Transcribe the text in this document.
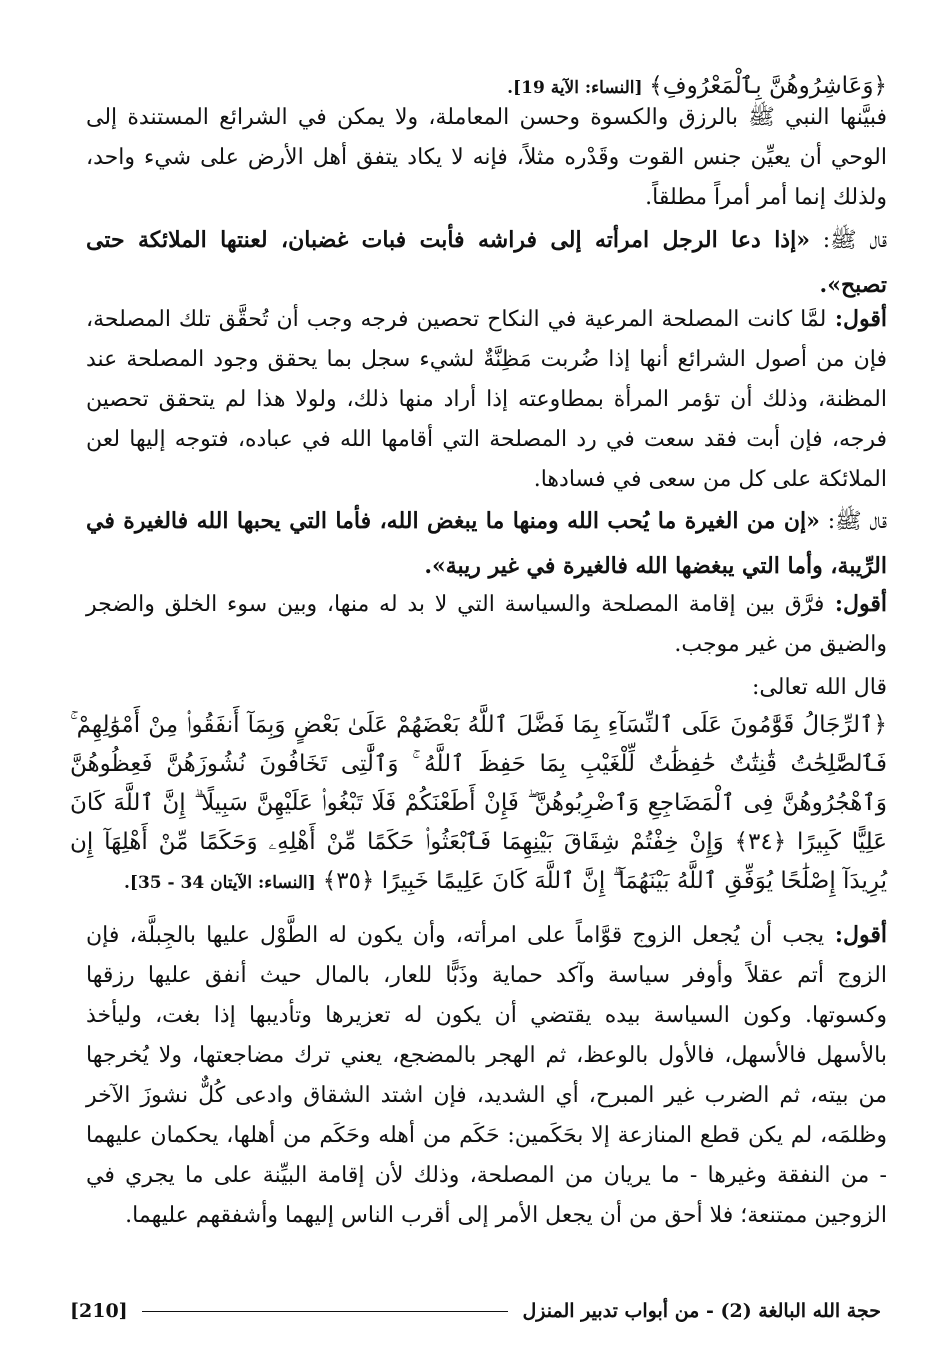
﴿وَعَاشِرُوهُنَّ بِٱلْمَعْرُوفِ﴾ [النساء: الآية 19].
فبيَّنها النبي ﷺ بالرزق والكسوة وحسن المعاملة، ولا يمكن في الشرائع المستندة إلى الوحي أن يعيِّن جنس القوت وقَدْره مثلاً، فإنه لا يكاد يتفق أهل الأرض على شيء واحد، ولذلك إنما أمر أمراً مطلقاً.
قال ﷺ: «إذا دعا الرجل امرأته إلى فراشه فأبت فبات غضبان، لعنتها الملائكة حتى تصبح».
أقول: لمَّا كانت المصلحة المرعية في النكاح تحصين فرجه وجب أن تُحقَّق تلك المصلحة، فإن من أصول الشرائع أنها إذا ضُربت مَظِنَّةٌ لشيء سجل بما يحقق وجود المصلحة عند المظنة، وذلك أن تؤمر المرأة بمطاوعته إذا أراد منها ذلك، ولولا هذا لم يتحقق تحصين فرجه، فإن أبت فقد سعت في رد المصلحة التي أقامها الله في عباده، فتوجه إليها لعن الملائكة على كل من سعى في فسادها.
قال ﷺ: «إن من الغيرة ما يُحب الله ومنها ما يبغض الله، فأما التي يحبها الله فالغيرة في الرِّيبة، وأما التي يبغضها الله فالغيرة في غير ريبة».
أقول: فرَّق بين إقامة المصلحة والسياسة التي لا بد له منها، وبين سوء الخلق والضجر والضيق من غير موجب.
قال الله تعالى:
﴿ٱلرِّجَالُ قَوَّٰمُونَ عَلَى ٱلنِّسَآءِ بِمَا فَضَّلَ ٱللَّهُ بَعْضَهُمْ عَلَىٰ بَعْضٍ وَبِمَآ أَنفَقُوا۟ مِنْ أَمْوَٰلِهِمْ ۚ فَٱلصَّٰلِحَٰتُ قَٰنِتَٰتٌ حَٰفِظَٰتٌ لِّلْغَيْبِ بِمَا حَفِظَ ٱللَّهُ ۚ وَٱلَّٰتِى تَخَافُونَ نُشُوزَهُنَّ فَعِظُوهُنَّ وَٱهْجُرُوهُنَّ فِى ٱلْمَضَاجِعِ وَٱضْرِبُوهُنَّ ۖ فَإِنْ أَطَعْنَكُمْ فَلَا تَبْغُوا۟ عَلَيْهِنَّ سَبِيلًا ۗ إِنَّ ٱللَّهَ كَانَ عَلِيًّا كَبِيرًا ﴿٣٤﴾ وَإِنْ خِفْتُمْ شِقَاقَ بَيْنِهِمَا فَٱبْعَثُوا۟ حَكَمًا مِّنْ أَهْلِهِۦ وَحَكَمًا مِّنْ أَهْلِهَآ إِن يُرِيدَآ إِصْلَٰحًا يُوَفِّقِ ٱللَّهُ بَيْنَهُمَآ ۗ إِنَّ ٱللَّهَ كَانَ عَلِيمًا خَبِيرًا ﴿٣٥﴾ [النساء: الآيتان 34 - 35].
أقول: يجب أن يُجعل الزوج قوَّاماً على امرأته، وأن يكون له الطَّوْل عليها بالجِبلَّة، فإن الزوج أتم عقلاً وأوفر سياسة وآكد حماية وذَبًّا للعار، بالمال حيث أنفق عليها رزقها وكسوتها. وكون السياسة بيده يقتضي أن يكون له تعزيرها وتأديبها إذا بغت، وليأخذ بالأسهل فالأسهل، فالأول بالوعظ، ثم الهجر بالمضجع، يعني ترك مضاجعتها، ولا يُخرجها من بيته، ثم الضرب غير المبرح، أي الشديد، فإن اشتد الشقاق وادعى كُلٌّ نشوزَ الآخر وظلمَه، لم يكن قطع المنازعة إلا بحَكَمين: حَكَم من أهله وحَكَم من أهلها، يحكمان عليهما - من النفقة وغيرها - ما يريان من المصلحة، وذلك لأن إقامة البيِّنة على ما يجري في الزوجين ممتنعة؛ فلا أحق من أن يجعل الأمر إلى أقرب الناس إليهما وأشفقهم عليهما.
حجة الله البالغة (2) - من أبواب تدبير المنزل
[210]
